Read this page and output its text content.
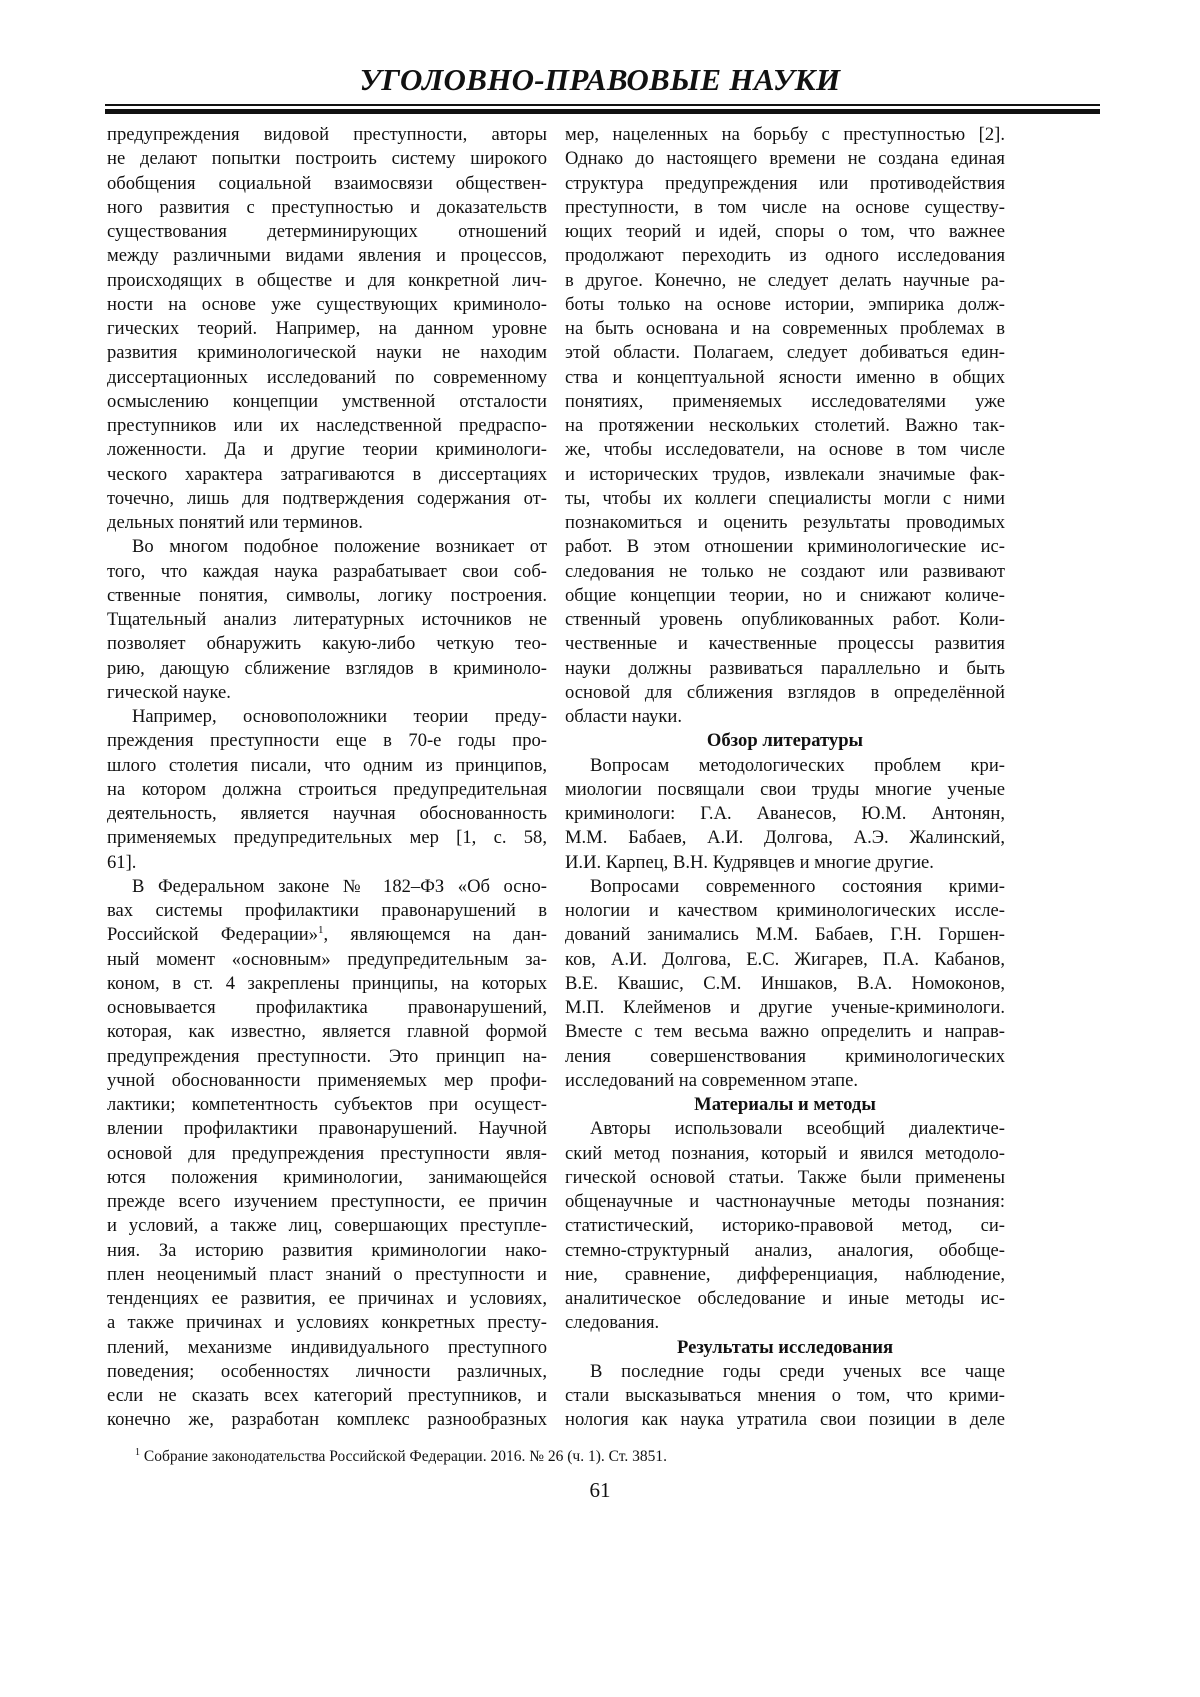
УГОЛОВНО-ПРАВОВЫЕ НАУКИ
предупреждения видовой преступности, авторы
не делают попытки построить систему широкого
обобщения социальной взаимосвязи обществен-
ного развития с преступностью и доказательств
существования детерминирующих отношений
между различными видами явления и процессов,
происходящих в обществе и для конкретной лич-
ности на основе уже существующих криминоло-
гических теорий. Например, на данном уровне
развития криминологической науки не находим
диссертационных исследований по современному
осмыслению концепции умственной отсталости
преступников или их наследственной предраспо-
ложенности. Да и другие теории криминологи-
ческого характера затрагиваются в диссертациях
точечно, лишь для подтверждения содержания от-
дельных понятий или терминов.
Во многом подобное положение возникает от
того, что каждая наука разрабатывает свои соб-
ственные понятия, символы, логику построения.
Тщательный анализ литературных источников не
позволяет обнаружить какую-либо четкую тео-
рию, дающую сближение взглядов в криминоло-
гической науке.
Например, основоположники теории преду-
преждения преступности еще в 70-е годы про-
шлого столетия писали, что одним из принципов,
на котором должна строиться предупредительная
деятельность, является научная обоснованность
применяемых предупредительных мер [1, с. 58,
61].
В Федеральном законе № 182–ФЗ «Об осно-
вах системы профилактики правонарушений в
Российской Федерации»1, являющемся на дан-
ный момент «основным» предупредительным за-
коном, в ст. 4 закреплены принципы, на которых
основывается профилактика правонарушений,
которая, как известно, является главной формой
предупреждения преступности. Это принцип на-
учной обоснованности применяемых мер профи-
лактики; компетентность субъектов при осущест-
влении профилактики правонарушений. Научной
основой для предупреждения преступности явля-
ются положения криминологии, занимающейся
прежде всего изучением преступности, ее причин
и условий, а также лиц, совершающих преступле-
ния. За историю развития криминологии нако-
плен неоценимый пласт знаний о преступности и
тенденциях ее развития, ее причинах и условиях,
а также причинах и условиях конкретных престу-
плений, механизме индивидуального преступного
поведения; особенностях личности различных,
если не сказать всех категорий преступников, и
конечно же, разработан комплекс разнообразных
мер, нацеленных на борьбу с преступностью [2].
Однако до настоящего времени не создана единая
структура предупреждения или противодействия
преступности, в том числе на основе существу-
ющих теорий и идей, споры о том, что важнее
продолжают переходить из одного исследования
в другое. Конечно, не следует делать научные ра-
боты только на основе истории, эмпирика долж-
на быть основана и на современных проблемах в
этой области. Полагаем, следует добиваться един-
ства и концептуальной ясности именно в общих
понятиях, применяемых исследователями уже
на протяжении нескольких столетий. Важно так-
же, чтобы исследователи, на основе в том числе
и исторических трудов, извлекали значимые фак-
ты, чтобы их коллеги специалисты могли с ними
познакомиться и оценить результаты проводимых
работ. В этом отношении криминологические ис-
следования не только не создают или развивают
общие концепции теории, но и снижают количе-
ственный уровень опубликованных работ. Коли-
чественные и качественные процессы развития
науки должны развиваться параллельно и быть
основой для сближения взглядов в определённой
области науки.
Обзор литературы
Вопросам методологических проблем кри-
миологии посвящали свои труды многие ученые
криминологи: Г.А. Аванесов, Ю.М. Антонян,
М.М. Бабаев, А.И. Долгова, А.Э. Жалинский,
И.И. Карпец, В.Н. Кудрявцев и многие другие.
Вопросами современного состояния крими-
нологии и качеством криминологических иссле-
дований занимались М.М. Бабаев, Г.Н. Горшен-
ков, А.И. Долгова, Е.С. Жигарев, П.А. Кабанов,
В.Е. Квашис, С.М. Иншаков, В.А. Номоконов,
М.П. Клейменов и другие ученые-криминологи.
Вместе с тем весьма важно определить и направ-
ления совершенствования криминологических
исследований на современном этапе.
Материалы и методы
Авторы использовали всеобщий диалектиче-
ский метод познания, который и явился методоло-
гической основой статьи. Также были применены
общенаучные и частнонаучные методы познания:
статистический, историко-правовой метод, си-
стемно-структурный анализ, аналогия, обобще-
ние, сравнение, дифференциация, наблюдение,
аналитическое обследование и иные методы ис-
следования.
Результаты исследования
В последние годы среди ученых все чаще
стали высказываться мнения о том, что крими-
нология как наука утратила свои позиции в деле
1 Собрание законодательства Российской Федерации. 2016. № 26 (ч. 1). Ст. 3851.
61
